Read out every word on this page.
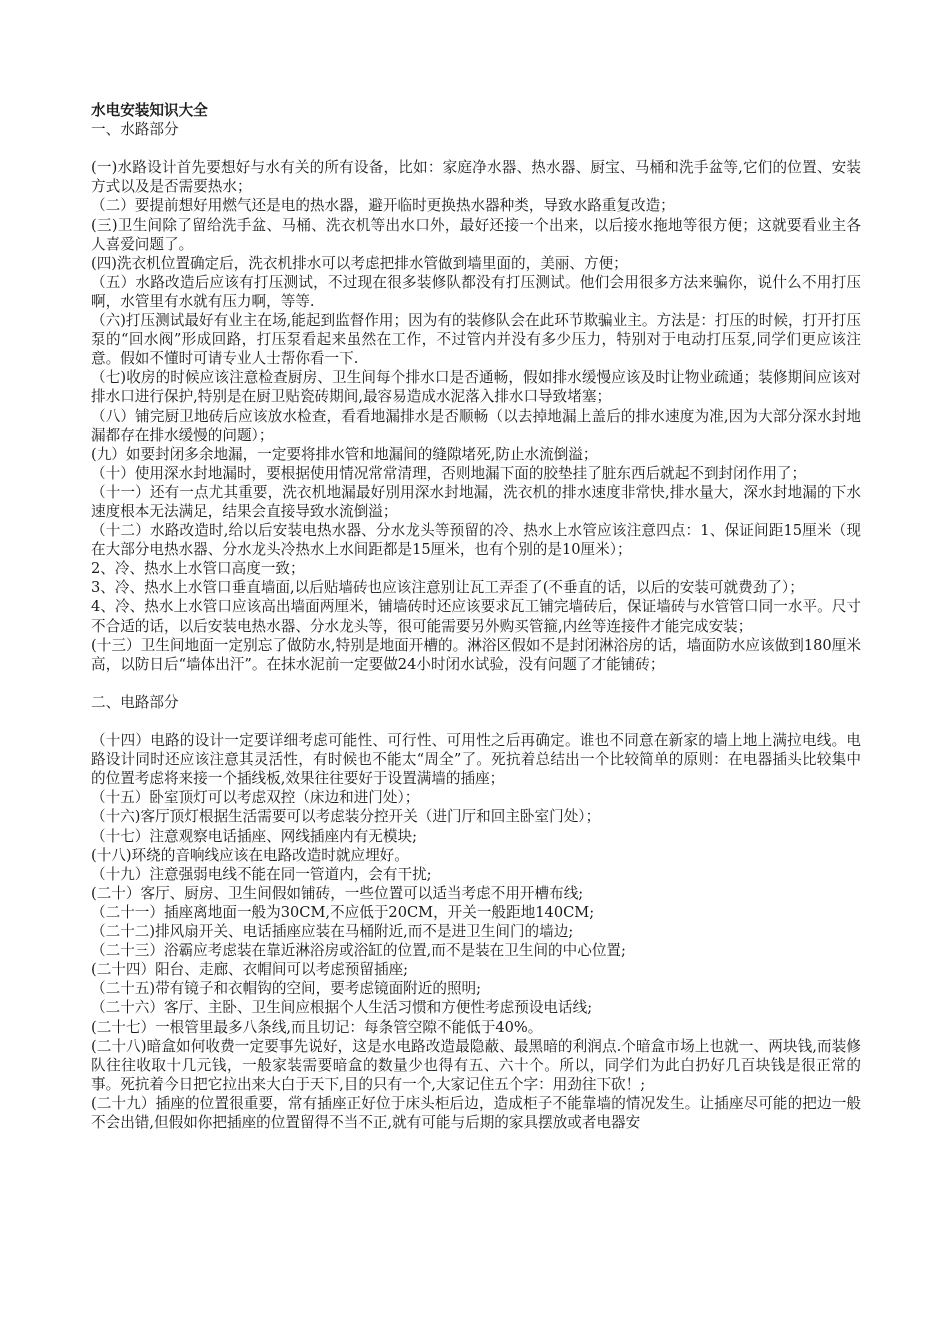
水电安装知识大全

一、水路部分

(一)水路设计首先要想好与水有关的所有设备，比如：家庭净水器、热水器、厨宝、马桶和洗手盆等,它们的位置、安装方式以及是否需要热水；

（二）要提前想好用燃气还是电的热水器，避开临时更换热水器种类，导致水路重复改造；

(三)卫生间除了留给洗手盆、马桶、洗衣机等出水口外，最好还接一个出来，以后接水拖地等很方便；这就要看业主各人喜爱问题了。

(四)洗衣机位置确定后，洗衣机排水可以考虑把排水管做到墙里面的，美丽、方便；

（五）水路改造后应该有打压测试，不过现在很多装修队都没有打压测试。他们会用很多方法来骗你，说什么不用打压啊，水管里有水就有压力啊，等等.

（六)打压测试最好有业主在场,能起到监督作用；因为有的装修队会在此环节欺骗业主。方法是：打压的时候，打开打压泵的“回水阀”形成回路，打压泵看起来虽然在工作，不过管内并没有多少压力，特别对于电动打压泵,同学们更应该注意。假如不懂时可请专业人士帮你看一下.

（七)收房的时候应该注意检查厨房、卫生间每个排水口是否通畅，假如排水缓慢应该及时让物业疏通；装修期间应该对排水口进行保护,特别是在厨卫贴瓷砖期间,最容易造成水泥落入排水口导致堵塞；

（八）铺完厨卫地砖后应该放水检查，看看地漏排水是否顺畅（以去掉地漏上盖后的排水速度为准,因为大部分深水封地漏都存在排水缓慢的问题）；

(九）如要封闭多余地漏，一定要将排水管和地漏间的缝隙堵死,防止水流倒溢；

（十）使用深水封地漏时，要根据使用情况常常清理，否则地漏下面的胶垫挂了脏东西后就起不到封闭作用了；

（十一）还有一点尤其重要，洗衣机地漏最好別用深水封地漏，洗衣机的排水速度非常快,排水量大，深水封地漏的下水速度根本无法满足，结果会直接导致水流倒溢；

（十二）水路改造时,给以后安装电热水器、分水龙头等预留的冷、热水上水管应该注意四点：1、保证间距15厘米（现在大部分电热水器、分水龙头冷热水上水间距都是15厘米，也有个别的是10厘米）；

2、冷、热水上水管口高度一致；

3、冷、热水上水管口垂直墙面,以后贴墙砖也应该注意别让瓦工弄歪了(不垂直的话，以后的安装可就费劲了）；

4、冷、热水上水管口应该高出墙面两厘米，铺墙砖时还应该要求瓦工铺完墙砖后，保证墙砖与水管管口同一水平。尺寸不合适的话，以后安装电热水器、分水龙头等，很可能需要另外购买管箍,内丝等连接件才能完成安装；

(十三）卫生间地面一定别忘了做防水,特别是地面开槽的。淋浴区假如不是封闭淋浴房的话，墙面防水应该做到180厘米高，以防日后“墙体出汗”。在抹水泥前一定要做24小时闭水试验，没有问题了才能铺砖；

二、电路部分

（十四）电路的设计一定要详细考虑可能性、可行性、可用性之后再确定。谁也不同意在新家的墙上地上满拉电线。电路设计同时还应该注意其灵活性，有时候也不能太“周全”了。死抗着总结出一个比较简单的原则：在电器插头比较集中的位置考虑将来接一个插线板,效果往往要好于设置满墙的插座；

（十五）卧室顶灯可以考虑双控（床边和进门处）；

（十六)客厅顶灯根据生活需要可以考虑装分控开关（进门厅和回主卧室门处）；

（十七）注意观察电话插座、网线插座内有无模块;

(十八)环绕的音响线应该在电路改造时就应埋好。

（十九）注意强弱电线不能在同一管道内，会有干扰;

(二十）客厅、厨房、卫生间假如铺砖，一些位置可以适当考虑不用开槽布线;

（二十一）插座离地面一般为30CM,不应低于20CM，开关一般距地140CM;

（二十二)排风扇开关、电话插座应装在马桶附近,而不是进卫生间门的墙边;

（二十三）浴霸应考虑装在靠近淋浴房或浴缸的位置,而不是装在卫生间的中心位置;

(二十四）阳台、走廊、衣帽间可以考虑预留插座;

（二十五)带有镜子和衣帽钩的空间，要考虑镜面附近的照明;

（二十六）客厅、主卧、卫生间应根据个人生活习惯和方便性考虑预设电话线;

(二十七）一根管里最多八条线,而且切记：每条管空隙不能低于40%。

(二十八)暗盒如何收费一定要事先说好，这是水电路改造最隐蔽、最黑暗的利润点.个暗盒市场上也就一、两块钱,而装修队往往收取十几元钱，一般家装需要暗盒的数量少也得有五、六十个。所以，同学们为此白扔好几百块钱是很正常的事。死抗着今日把它拉出来大白于天下,目的只有一个,大家记住五个字：用劲往下砍！;

(二十九）插座的位置很重要，常有插座正好位于床头柜后边，造成柜子不能靠墙的情况发生。让插座尽可能的把边一般不会出错,但假如你把插座的位置留得不当不正,就有可能与后期的家具摆放或者电器安
